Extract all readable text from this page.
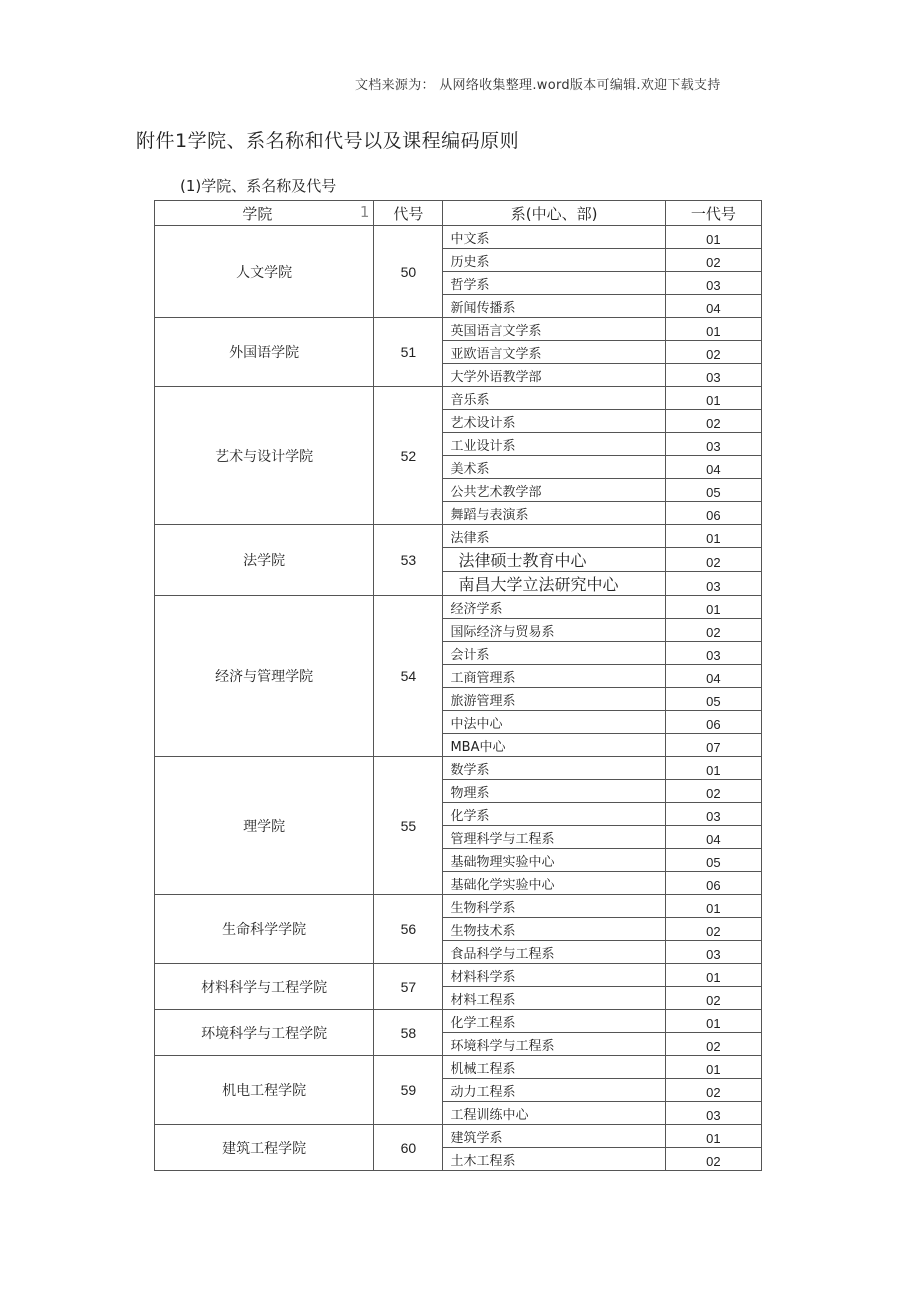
文档来源为： 从网络收集整理.word版本可编辑.欢迎下载支持
附件1学院、系名称和代号以及课程编码原则
(1)学院、系名称及代号
学院 1	代号	系(中心、部)	一代号
人文学院	50	中文系	01
		历史系	02
		哲学系	03
		新闻传播系	04
外国语学院	51	英国语言文学系	01
		亚欧语言文学系	02
		大学外语教学部	03
艺术与设计学院	52	音乐系	01
		艺术设计系	02
		工业设计系	03
		美术系	04
		公共艺术教学部	05
		舞蹈与表演系	06
法学院	53	法律系	01
		法律硕士教育中心	02
		南昌大学立法研究中心	03
经济与管理学院	54	经济学系	01
		国际经济与贸易系	02
		会计系	03
		工商管理系	04
		旅游管理系	05
		中法中心	06
		MBA中心	07
理学院	55	数学系	01
		物理系	02
		化学系	03
		管理科学与工程系	04
		基础物理实验中心	05
		基础化学实验中心	06
生命科学学院	56	生物科学系	01
		生物技术系	02
		食品科学与工程系	03
材料科学与工程学院	57	材料科学系	01
		材料工程系	02
环境科学与工程学院	58	化学工程系	01
		环境科学与工程系	02
机电工程学院	59	机械工程系	01
		动力工程系	02
		工程训练中心	03
建筑工程学院	60	建筑学系	01
		土木工程系	02
